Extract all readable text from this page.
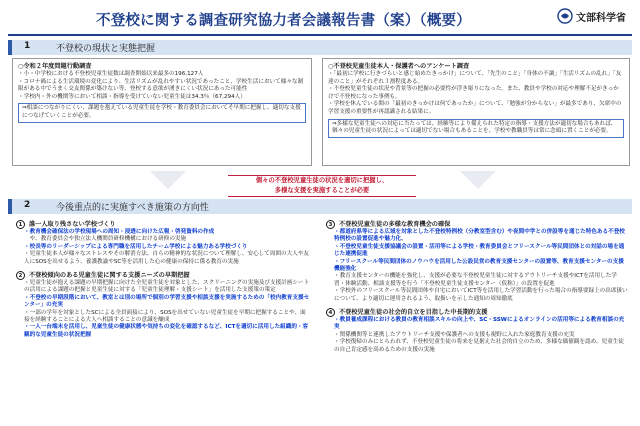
不登校に関する調査研究協力者会議報告書（案）（概要）	文部科学省
1	不登校の現状と実態把握
○令和２年度問題行動調査
・小・中学校における不登校児童生徒数は調査開始以来最多の196,127人
・コロナ禍による生活環境の変化により、生活リズムが乱れやすい状況であったこと、学校生活において様々な制限がある中でうまく交友関係が築けない等、登校する意欲が湧きにくい状況にあった可能性
・学校内・外の機関等において相談・指導を受けていない児童生徒は34.3％（67,294人）
⇒相談につながりにくい、課題を抱えている児童生徒を学校・教育委員会においてそ早期に把握し、適切な支援につなげていくことが必要。
○不登校児童生徒本人・保護者へのアンケート調査
・「最初に学校に行きづらいと感じ始めたきっかけ」について、「先生のこと」「身体の不調」「生活リズムの乱れ」「友達のこと」がそれぞれ３割程度ある。
・不登校児童生徒の状況や背景等の把握の必要性が浮き彫りになった。また、教員や学校の対応や理解不足がきっかけで不登校になった事例も。
・学校を休んでいる間の「最初のきっかけは何であったか」について、「勉強が分からない」が最多であり、欠席中の学習支援の重要性が再認識される結果に。
⇒多様な児童生徒への対応に当たっては、経験等により備えられた特定の指導・支援方法が適切な場合もあれば、個々の児童生徒の状況によっては適切でない場合もあることを、学校や教職員等は常に念頭に置くことが必要。
個々の不登校児童生徒の状況を適切に把握し、
多様な支援を実施することが必要
2	今後重点的に実施すべき施策の方向性
1 誰一人取り残さない学校づくり
・教育機会確保法の学校現場への周知・浸透に向けた広報・啓発資料の作成
　や、教育委員会や独立法人機関員研修機構における研修の実施
・校長等のリーダーシップによる専門職を活用したチーム学校による魅力ある学校づくり
・児童生徒本人が様々なストレスやその解消方法、自らの精神的な状況について理解し、安心して周囲の大人や友人にSOSを出せるよう、養護教諭やSC等を活用した心の健康の保持に係る教育の実施
2 不登校傾向のある児童生徒に関する支援ニーズの早期把握
・児童生徒が抱える課題の早期把握に向けた全児童生徒を対象とした、スクリーニングの実施及び支援計画シートの活用による課題の把握と児童生徒に対する「児童生徒理解・支援シート」を活用した支援策の策定
・不登校の早期段階において、教室とは別の場所で個別の学習支援や相談支援を実施するための「校内教育支援センター」の充実
・一部の学年を対象としたSCによる全員面接により、SOSを出せていない児童生徒を早期に把握することや、面接を経験することによる大人へ相談することの意識を醸成
・一人一台端末を活用し、児童生徒の健康状態や気持ちの変化を確認するなど、ICTを適切に活用した組織的・客観的な児童生徒の状況把握
3 不登校児童生徒の多様な教育機会の確保
・都道府県等による広域を対象とした不登校特例校（分教室型含む）や夜間中学との併設等を通じた特色ある不登校特例校の設置促進や魅力化、
・不登校児童生徒支援協議会の設置・活用等による学校・教育委員会とフリースクール等民間団体との対話の場を通じた連携促進
・フリースクール等民間団体のノウハウを活用した公設民営の教育支援センターの設置等、教育支援センターの支援機能強化
・教育支援センターの機能を強化し、支援が必要な不登校児童生徒に対するアウトリーチ支援やICTを活用した学習・体験活動、相談支援等を行う「不登校児童生徒支援センター（仮称）」の設置を促進
・学校外のフリースクール等民間団体や自宅においてICT等を活用した学習活動を行った場合の指導要録上の出席扱いについて、より適切に運用されるよう、取扱いを示した通知の周知徹底
4 不登校児童生徒の社会的自立を目指した中長期的支援
・教員養成課程における教員の教育相談スキルの向上や、SC・SSWによるオンラインの活用等による教育相談の充実
・関係機関等と連携したアウトリーチ支援や保護者への支援も視野に入れた家庭教育支援の充実
・学校復帰のみにとらわれず、不登校児童生徒の将来を見据えた社会的自立のため、多様な価値観を認め、児童生徒の自己肯定感を高めるための支援の実施
